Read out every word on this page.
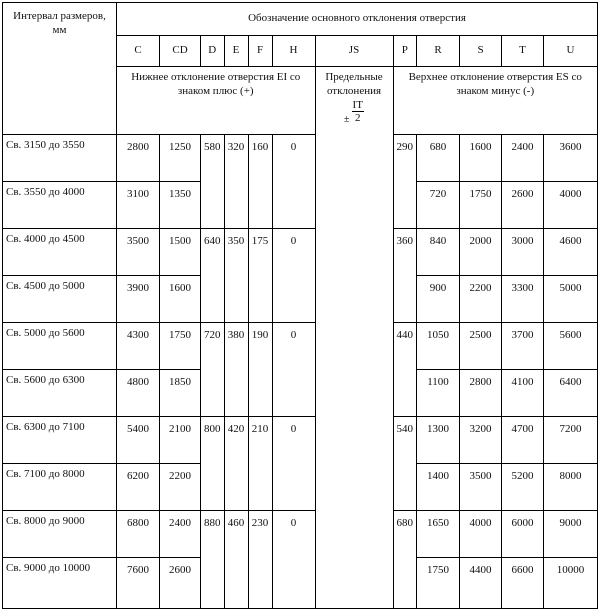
Интервал размеров, мм	Обозначение основного отклонения отверстия											
	C	CD	D	E	F	H	JS	P	R	S	T	U
	Нижнее отклонение отверстия EI со знаком плюс (+)						Предельные отклонения
± $\frac{IT}{2}$	Верхнее отклонение отверстия ES со знаком минус (-)				
Св. 3150 до 3550	2800	1250	580	320	160	0		290	680	1600	2400	3600
Св. 3550 до 4000	3100	1350							720	1750	2600	4000
Св. 4000 до 4500	3500	1500	640	350	175	0		360	840	2000	3000	4600
Св. 4500 до 5000	3900	1600							900	2200	3300	5000
Св. 5000 до 5600	4300	1750	720	380	190	0		440	1050	2500	3700	5600
Св. 5600 до 6300	4800	1850							1100	2800	4100	6400
Св. 6300 до 7100	5400	2100	800	420	210	0		540	1300	3200	4700	7200
Св. 7100 до 8000	6200	2200							1400	3500	5200	8000
Св. 8000 до 9000	6800	2400	880	460	230	0		680	1650	4000	6000	9000
Св. 9000 до 10000	7600	2600							1750	4400	6600	10000
